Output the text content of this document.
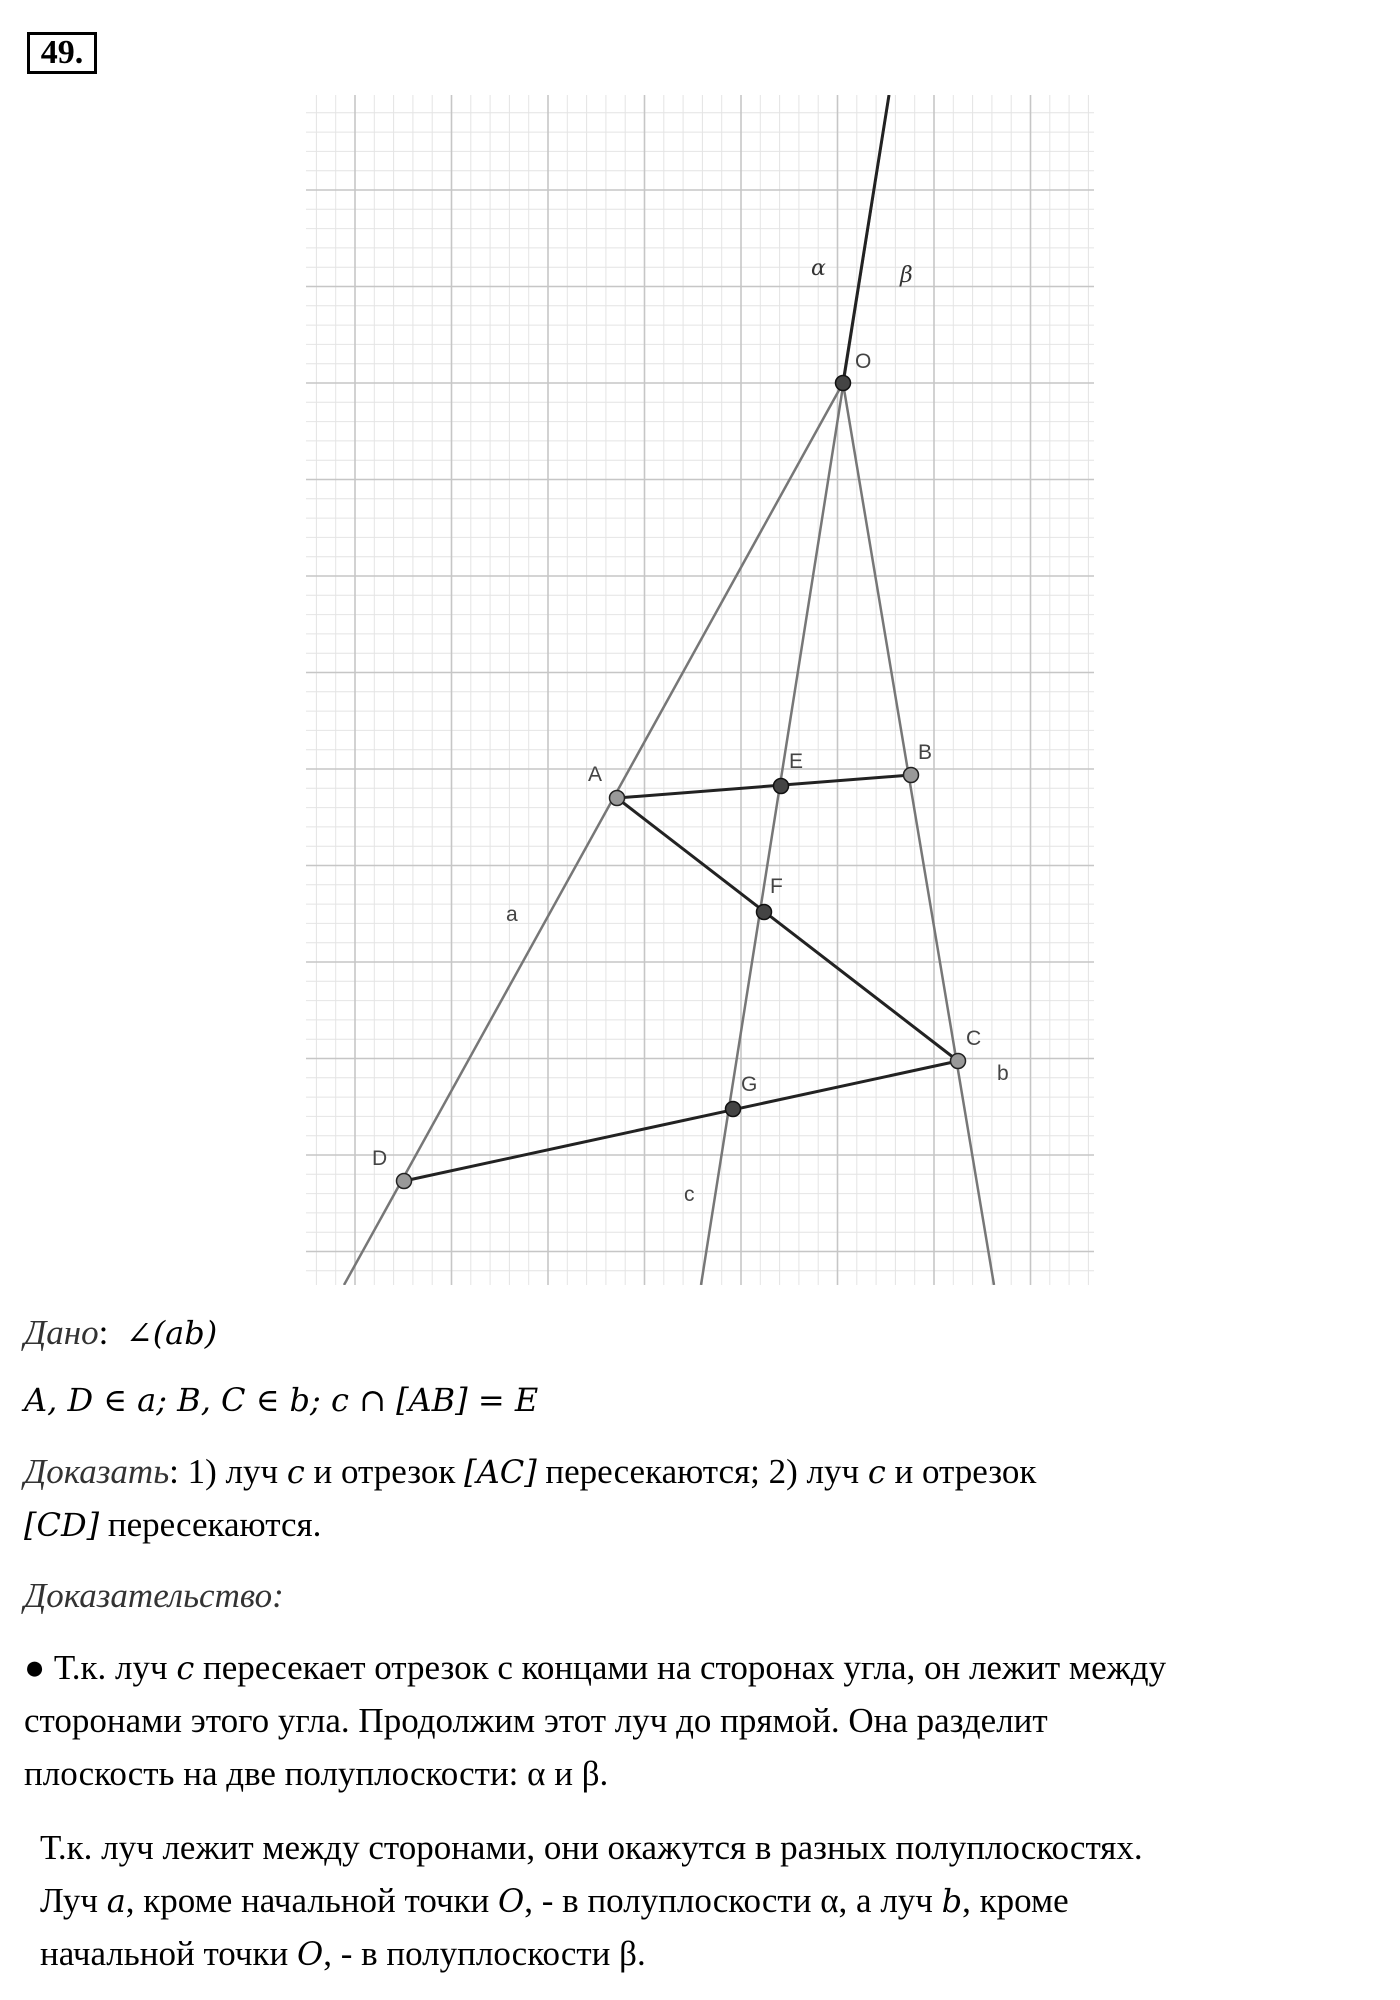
49.
O
A
B
E
F
C
G
D
a
b
c
α	β
Дано: ∠(ab)
A, D ∈ a; B, C ∈ b; c ∩ [AB] = E
Доказать: 1) луч c и отрезок [AC] пересекаются; 2) луч c и отрезок
[CD] пересекаются.
Доказательство:
● Т.к. луч c пересекает отрезок с концами на сторонах угла, он лежит между
сторонами этого угла. Продолжим этот луч до прямой. Она разделит
плоскость на две полуплоскости: α и β.
Т.к. луч лежит между сторонами, они окажутся в разных полуплоскостях.
Луч a, кроме начальной точки O, - в полуплоскости α, а луч b, кроме
начальной точки O, - в полуплоскости β.
